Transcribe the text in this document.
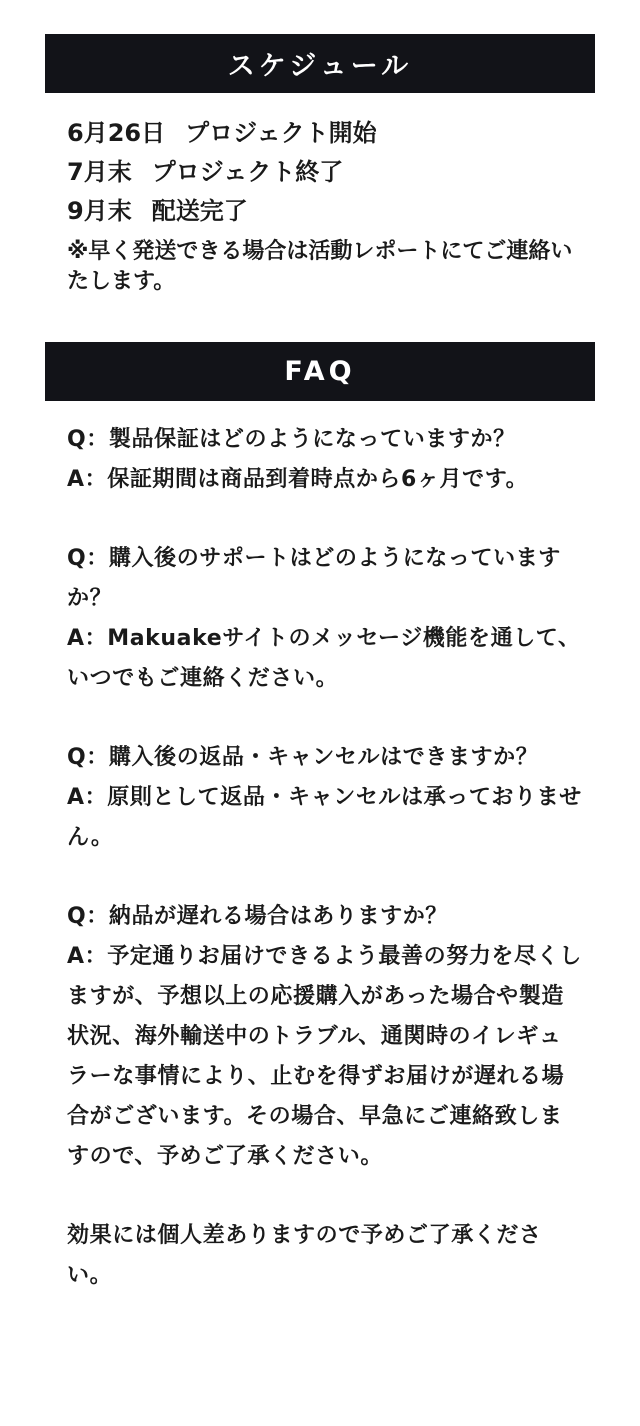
スケジュール
6月26日 プロジェクト開始
7月末 プロジェクト終了
9月末 配送完了
※早く発送できる場合は活動レポートにてご連絡いたします。
FAQ
Q：製品保証はどのようになっていますか？
A：保証期間は商品到着時点から6ヶ月です。
Q：購入後のサポートはどのようになっていますか？
A：Makuakeサイトのメッセージ機能を通して、いつでもご連絡ください。
Q：購入後の返品・キャンセルはできますか？
A：原則として返品・キャンセルは承っておりません。
Q：納品が遅れる場合はありますか？
A：予定通りお届けできるよう最善の努力を尽くしますが、予想以上の応援購入があった場合や製造状況、海外輸送中のトラブル、通関時のイレギュラーな事情により、止むを得ずお届けが遅れる場合がございます。その場合、早急にご連絡致しますので、予めご了承ください。
効果には個人差ありますので予めご了承ください。
